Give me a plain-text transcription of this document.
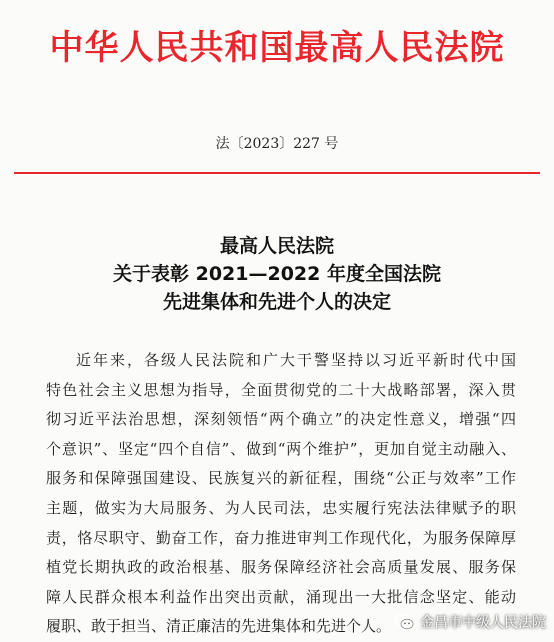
中华人民共和国最高人民法院
法〔2023〕227 号
最高人民法院
关于表彰 2021—2022 年度全国法院
先进集体和先进个人的决定
近年来，各级人民法院和广大干警坚持以习近平新时代中国
特色社会主义思想为指导，全面贯彻党的二十大战略部署，深入贯
彻习近平法治思想，深刻领悟“两个确立”的决定性意义，增强“四
个意识”、坚定“四个自信”、做到“两个维护”，更加自觉主动融入、
服务和保障强国建设、民族复兴的新征程，围绕“公正与效率”工作
主题，做实为大局服务、为人民司法，忠实履行宪法法律赋予的职
责，恪尽职守、勤奋工作，奋力推进审判工作现代化，为服务保障厚
植党长期执政的政治根基、服务保障经济社会高质量发展、服务保
障人民群众根本利益作出突出贡献，涌现出一大批信念坚定、能动
履职、敢于担当、清正廉洁的先进集体和先进个人。	金昌市中级人民法院
